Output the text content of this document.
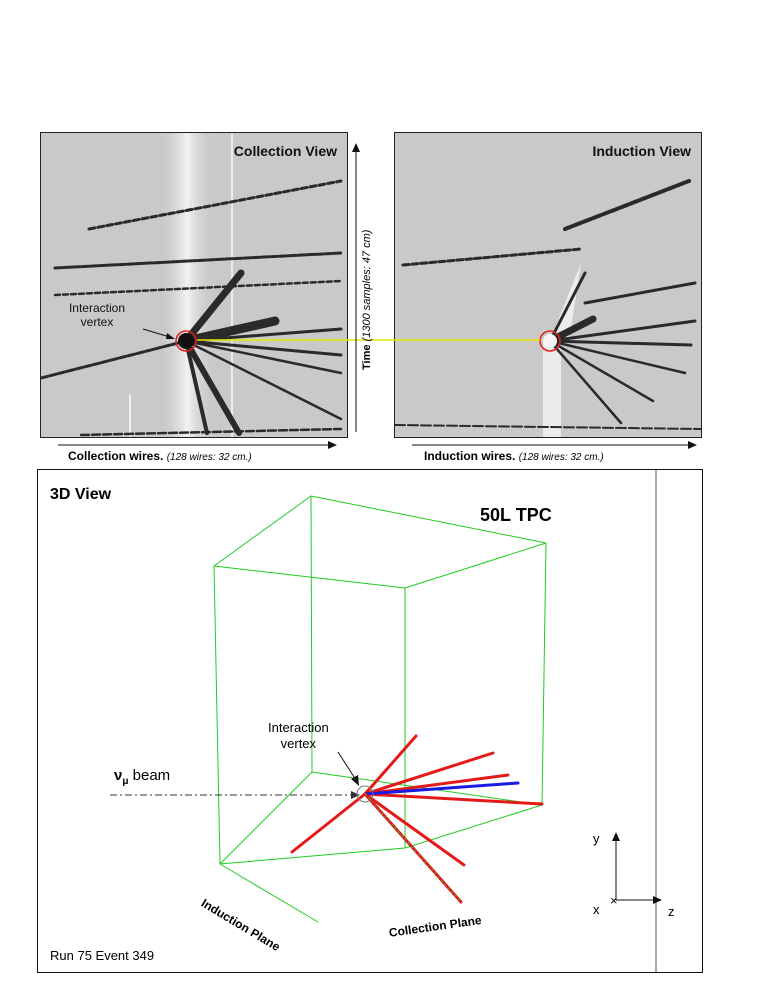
Collection View
Interaction
vertex
Induction View
Time (1300 samples: 47 cm)
Collection wires. (128 wires: 32 cm.)	Induction wires. (128 wires: 32 cm.)
×
3D View
50L TPC
Interaction
vertex
$\nu_\mu$ beam
Induction Plane	Collection Plane
Run 75 Event 349
y
x	z
